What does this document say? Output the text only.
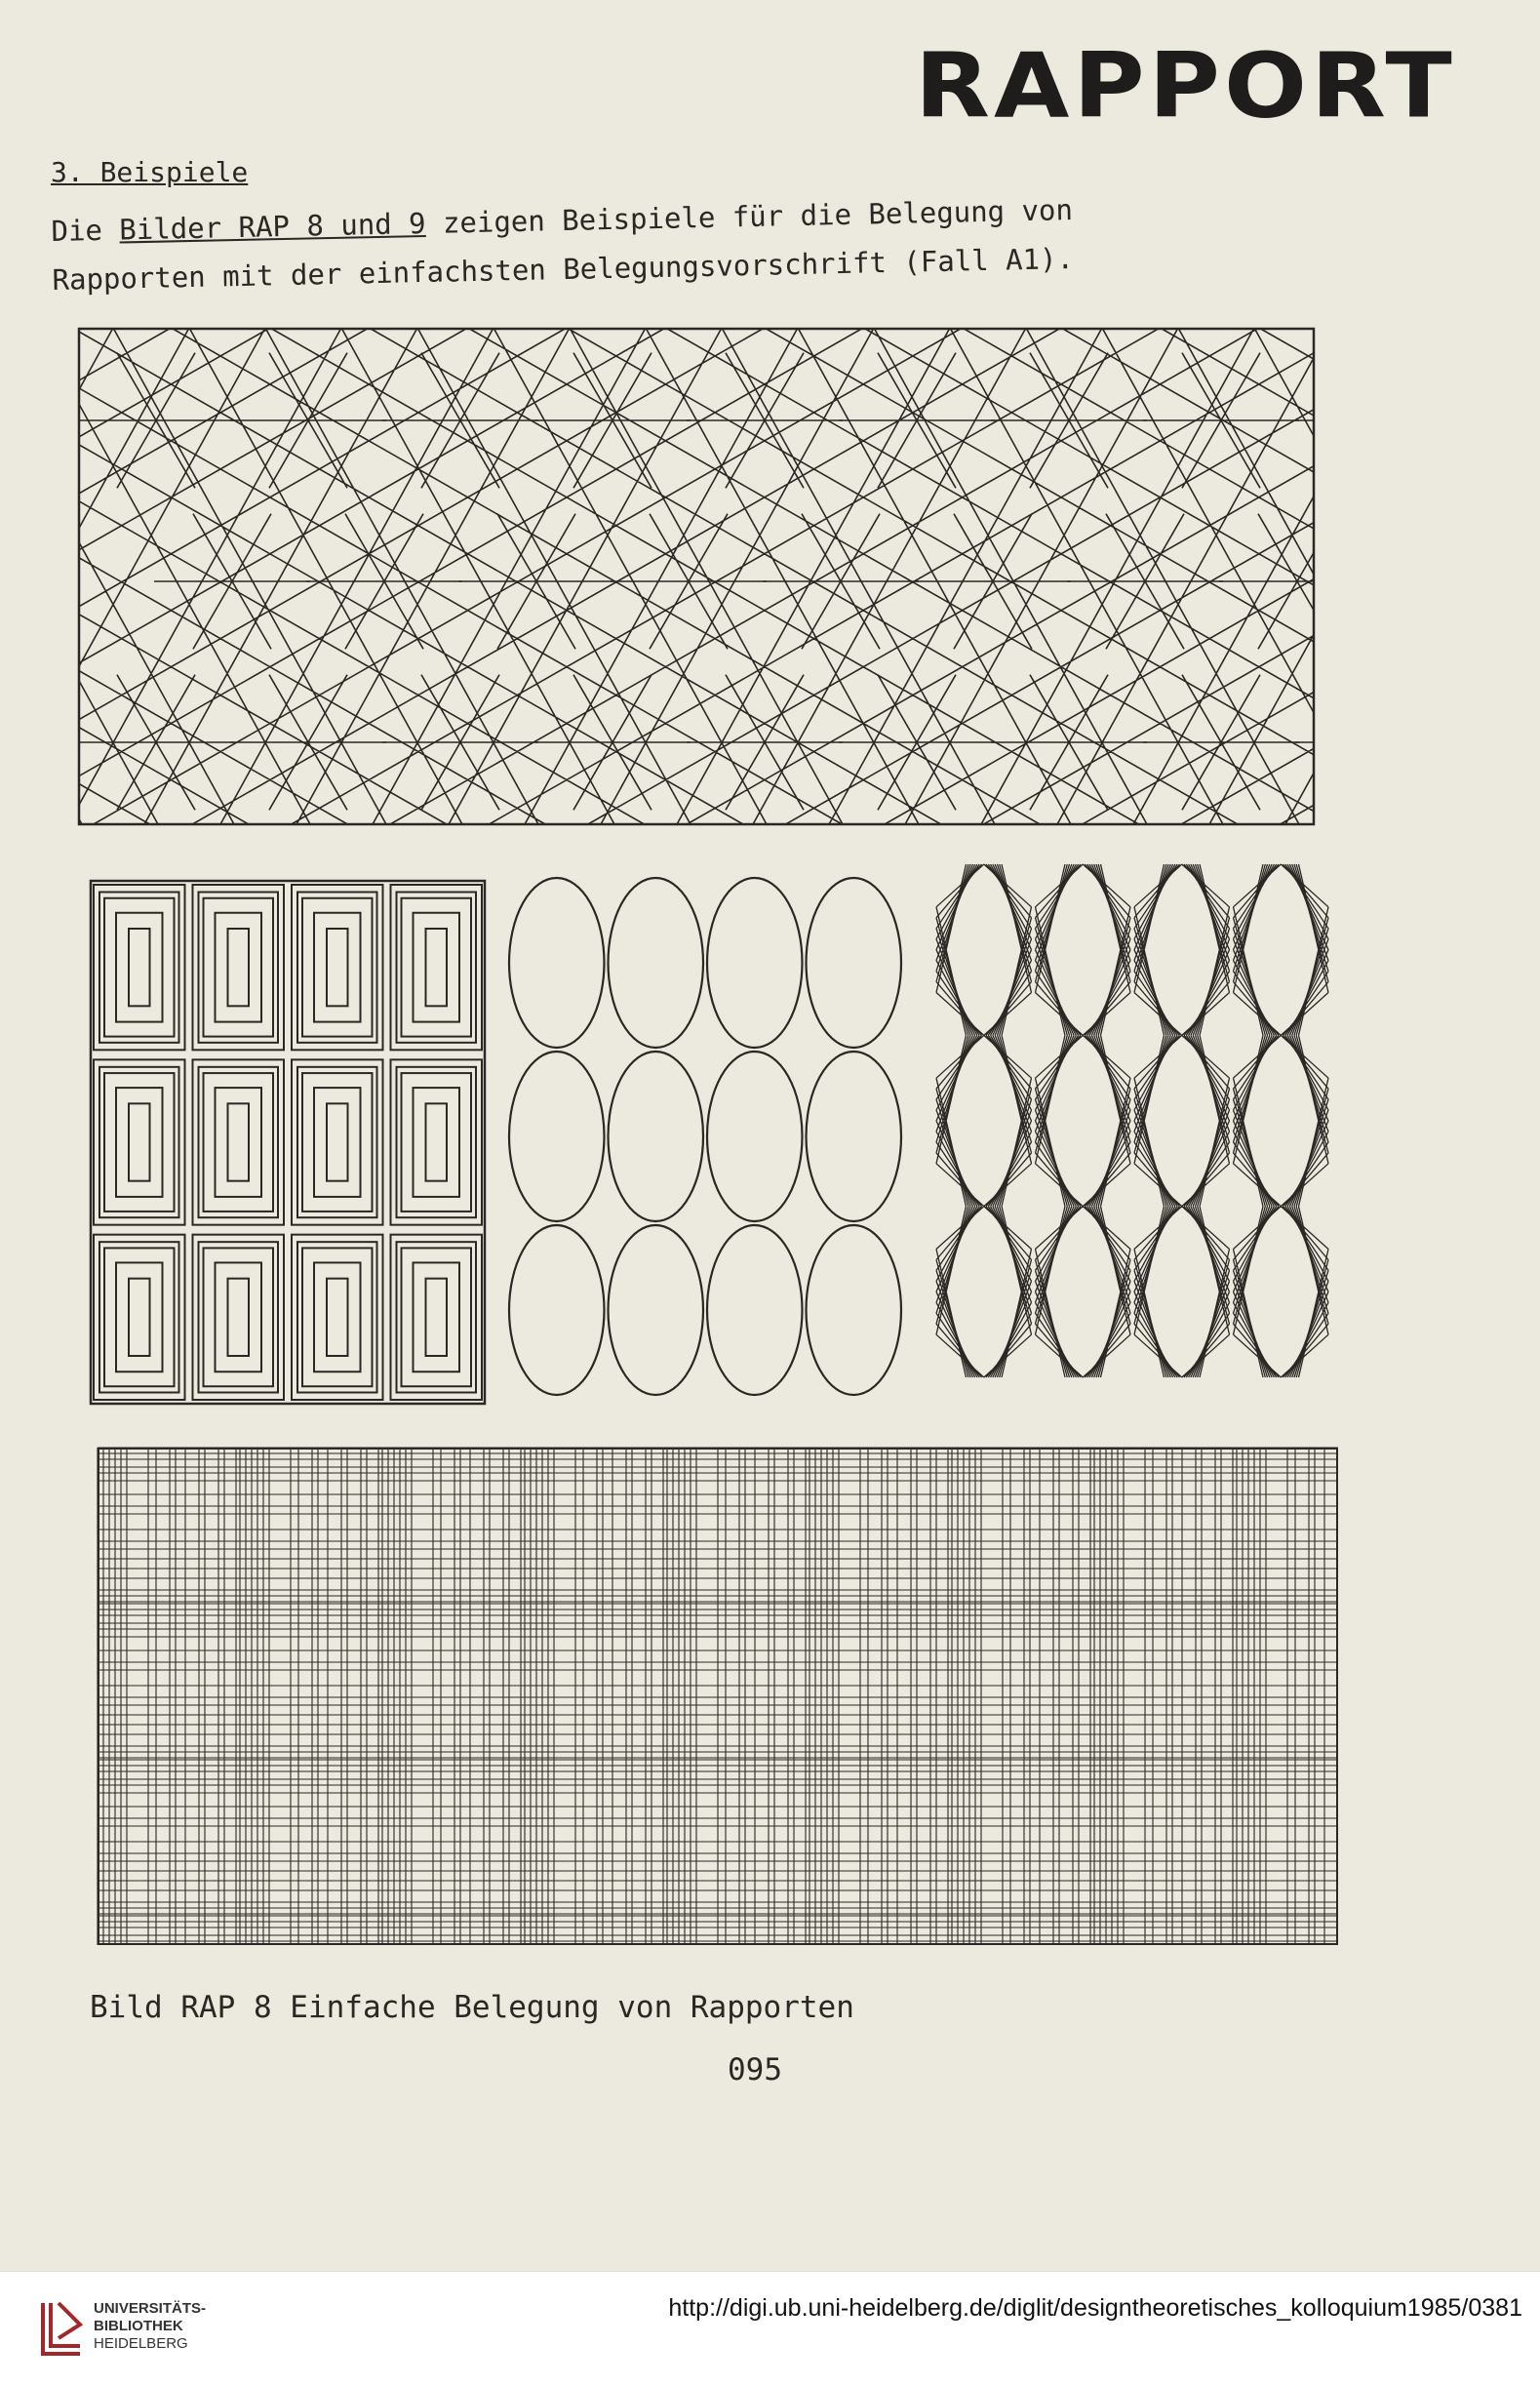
RAPPORT
3. Beispiele
Die Bilder RAP 8 und 9 zeigen Beispiele für die Belegung von
Rapporten mit der einfachsten Belegungsvorschrift (Fall A1).
Bild RAP 8 Einfache Belegung von Rapporten
095
UNIVERSITÄTS-
BIBLIOTHEK
HEIDELBERG
http://digi.ub.uni-heidelberg.de/diglit/designtheoretisches_kolloquium1985/0381
